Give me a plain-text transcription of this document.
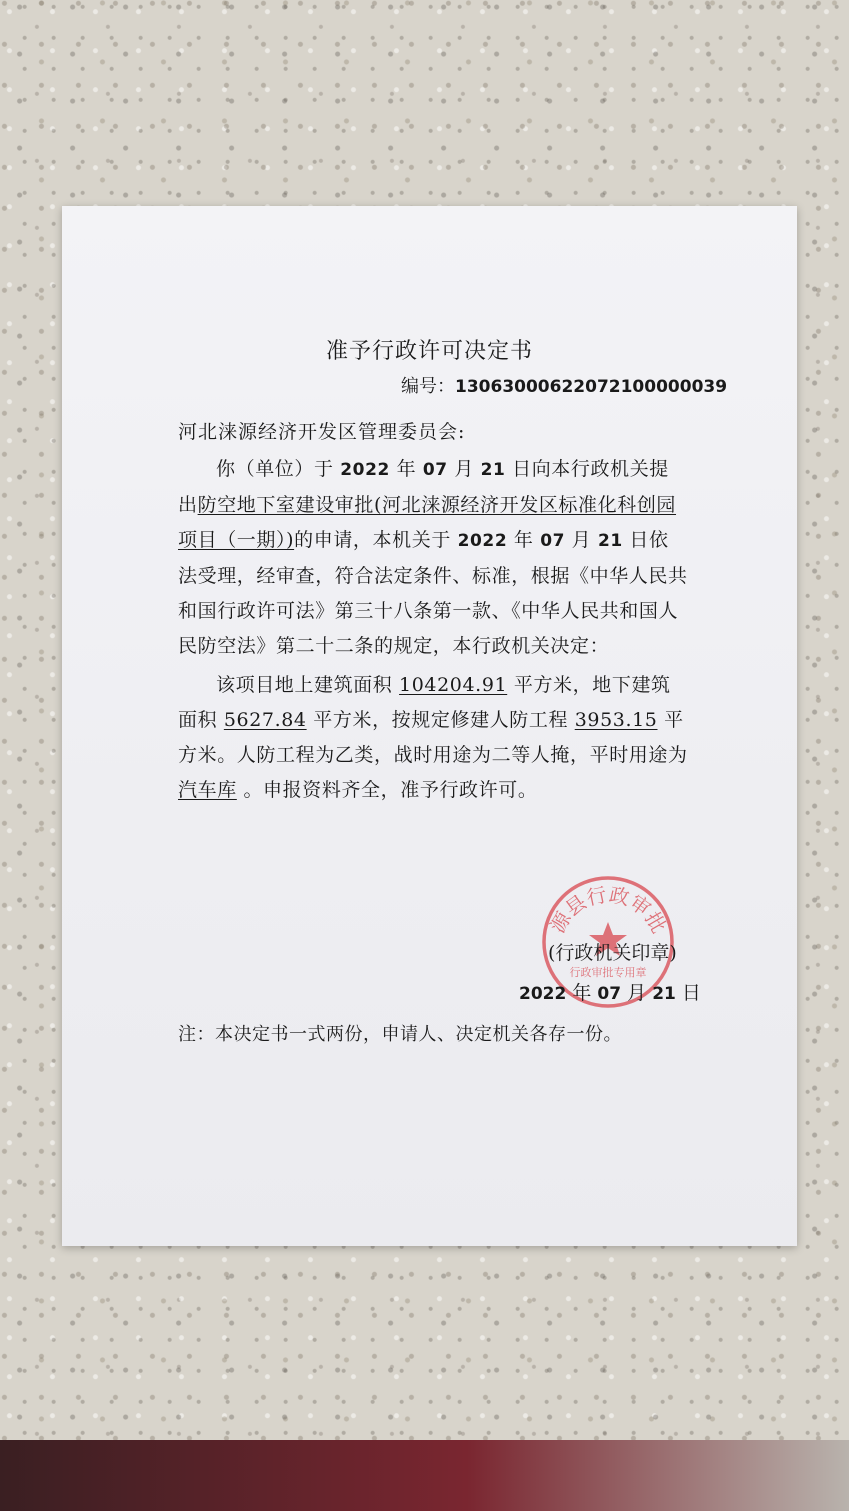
准予行政许可决定书
编号：13063000622072100000039
河北涞源经济开发区管理委员会:
你（单位）于 2022 年 07 月 21 日向本行政机关提出防空地下室建设审批(河北涞源经济开发区标准化科创园项目（一期）)的申请，本机关于 2022 年 07 月 21 日依法受理，经审查，符合法定条件、标准，根据《中华人民共和国行政许可法》第三十八条第一款、《中华人民共和国人民防空法》第二十二条的规定，本行政机关决定：
该项目地上建筑面积 104204.91 平方米，地下建筑面积 5627.84 平方米，按规定修建人防工程 3953.15 平方米。人防工程为乙类，战时用途为二等人掩，平时用途为 汽车库 。申报资料齐全，准予行政许可。
源县行政审批
行政审批专用章
(行政机关印章)
2022 年 07 月 21 日
注：本决定书一式两份，申请人、决定机关各存一份。
